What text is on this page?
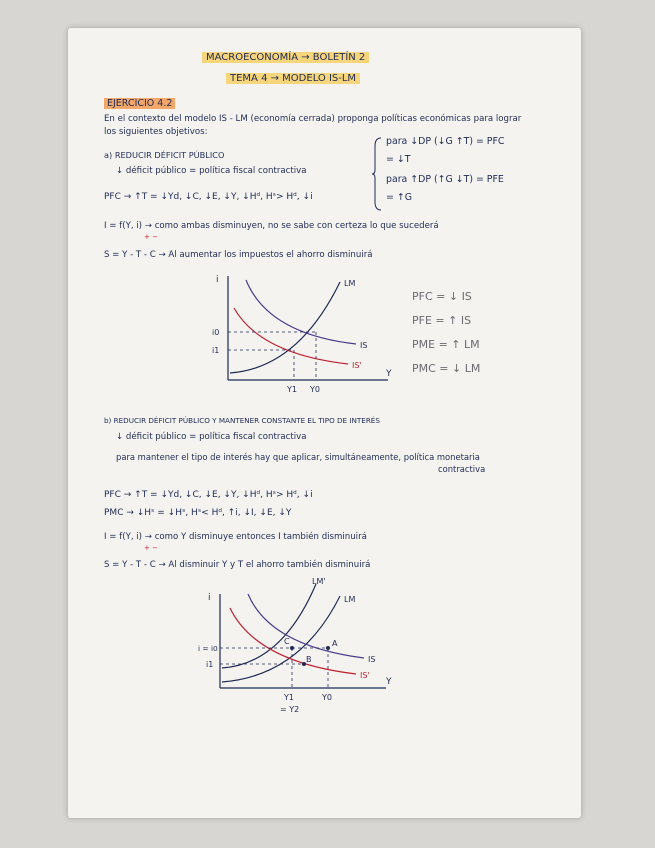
MACROECONOMÍA → BOLETÍN 2
TEMA 4 → MODELO IS-LM
EJERCICIO 4.2
En el contexto del modelo IS - LM (economía cerrada) proponga políticas económicas para lograr
los siguientes objetivos:
a) REDUCIR DÉFICIT PÚBLICO
↓ déficit público = política fiscal contractiva
PFC → ↑T = ↓Yd, ↓C, ↓E, ↓Y, ↓Hᵈ, Hˢ> Hᵈ, ↓i
I = f(Y, i) → como ambas disminuyen, no se sabe con certeza lo que sucederá
+ −
S = Y - T - C → Al aumentar los impuestos el ahorro disminuirá
para ↓DP (↓G ↑T) = PFC
= ↓T
para ↑DP (↑G ↓T) = PFE
= ↑G
PFC = ↓ IS
PFE = ↑ IS
PME = ↑ LM
PMC = ↓ LM
i
Y
LM
IS
IS'
i0
i1
Y1 Y0
b) REDUCIR DÉFICIT PÚBLICO Y MANTENER CONSTANTE EL TIPO DE INTERÉS
↓ déficit público = política fiscal contractiva
para mantener el tipo de interés hay que aplicar, simultáneamente, política monetaria
contractiva
PFC → ↑T = ↓Yd, ↓C, ↓E, ↓Y, ↓Hᵈ, Hˢ> Hᵈ, ↓i
PMC → ↓Hˢ = ↓Hˢ, Hˢ< Hᵈ, ↑i, ↓I, ↓E, ↓Y
I = f(Y, i) → como Y disminuye entonces I también disminuirá
+ −
S = Y - T - C → Al disminuir Y y T el ahorro también disminuirá
i
Y
LM
LM'
IS
IS'
i = i0
i1
Y1	Y0
= Y2
A
B
C
